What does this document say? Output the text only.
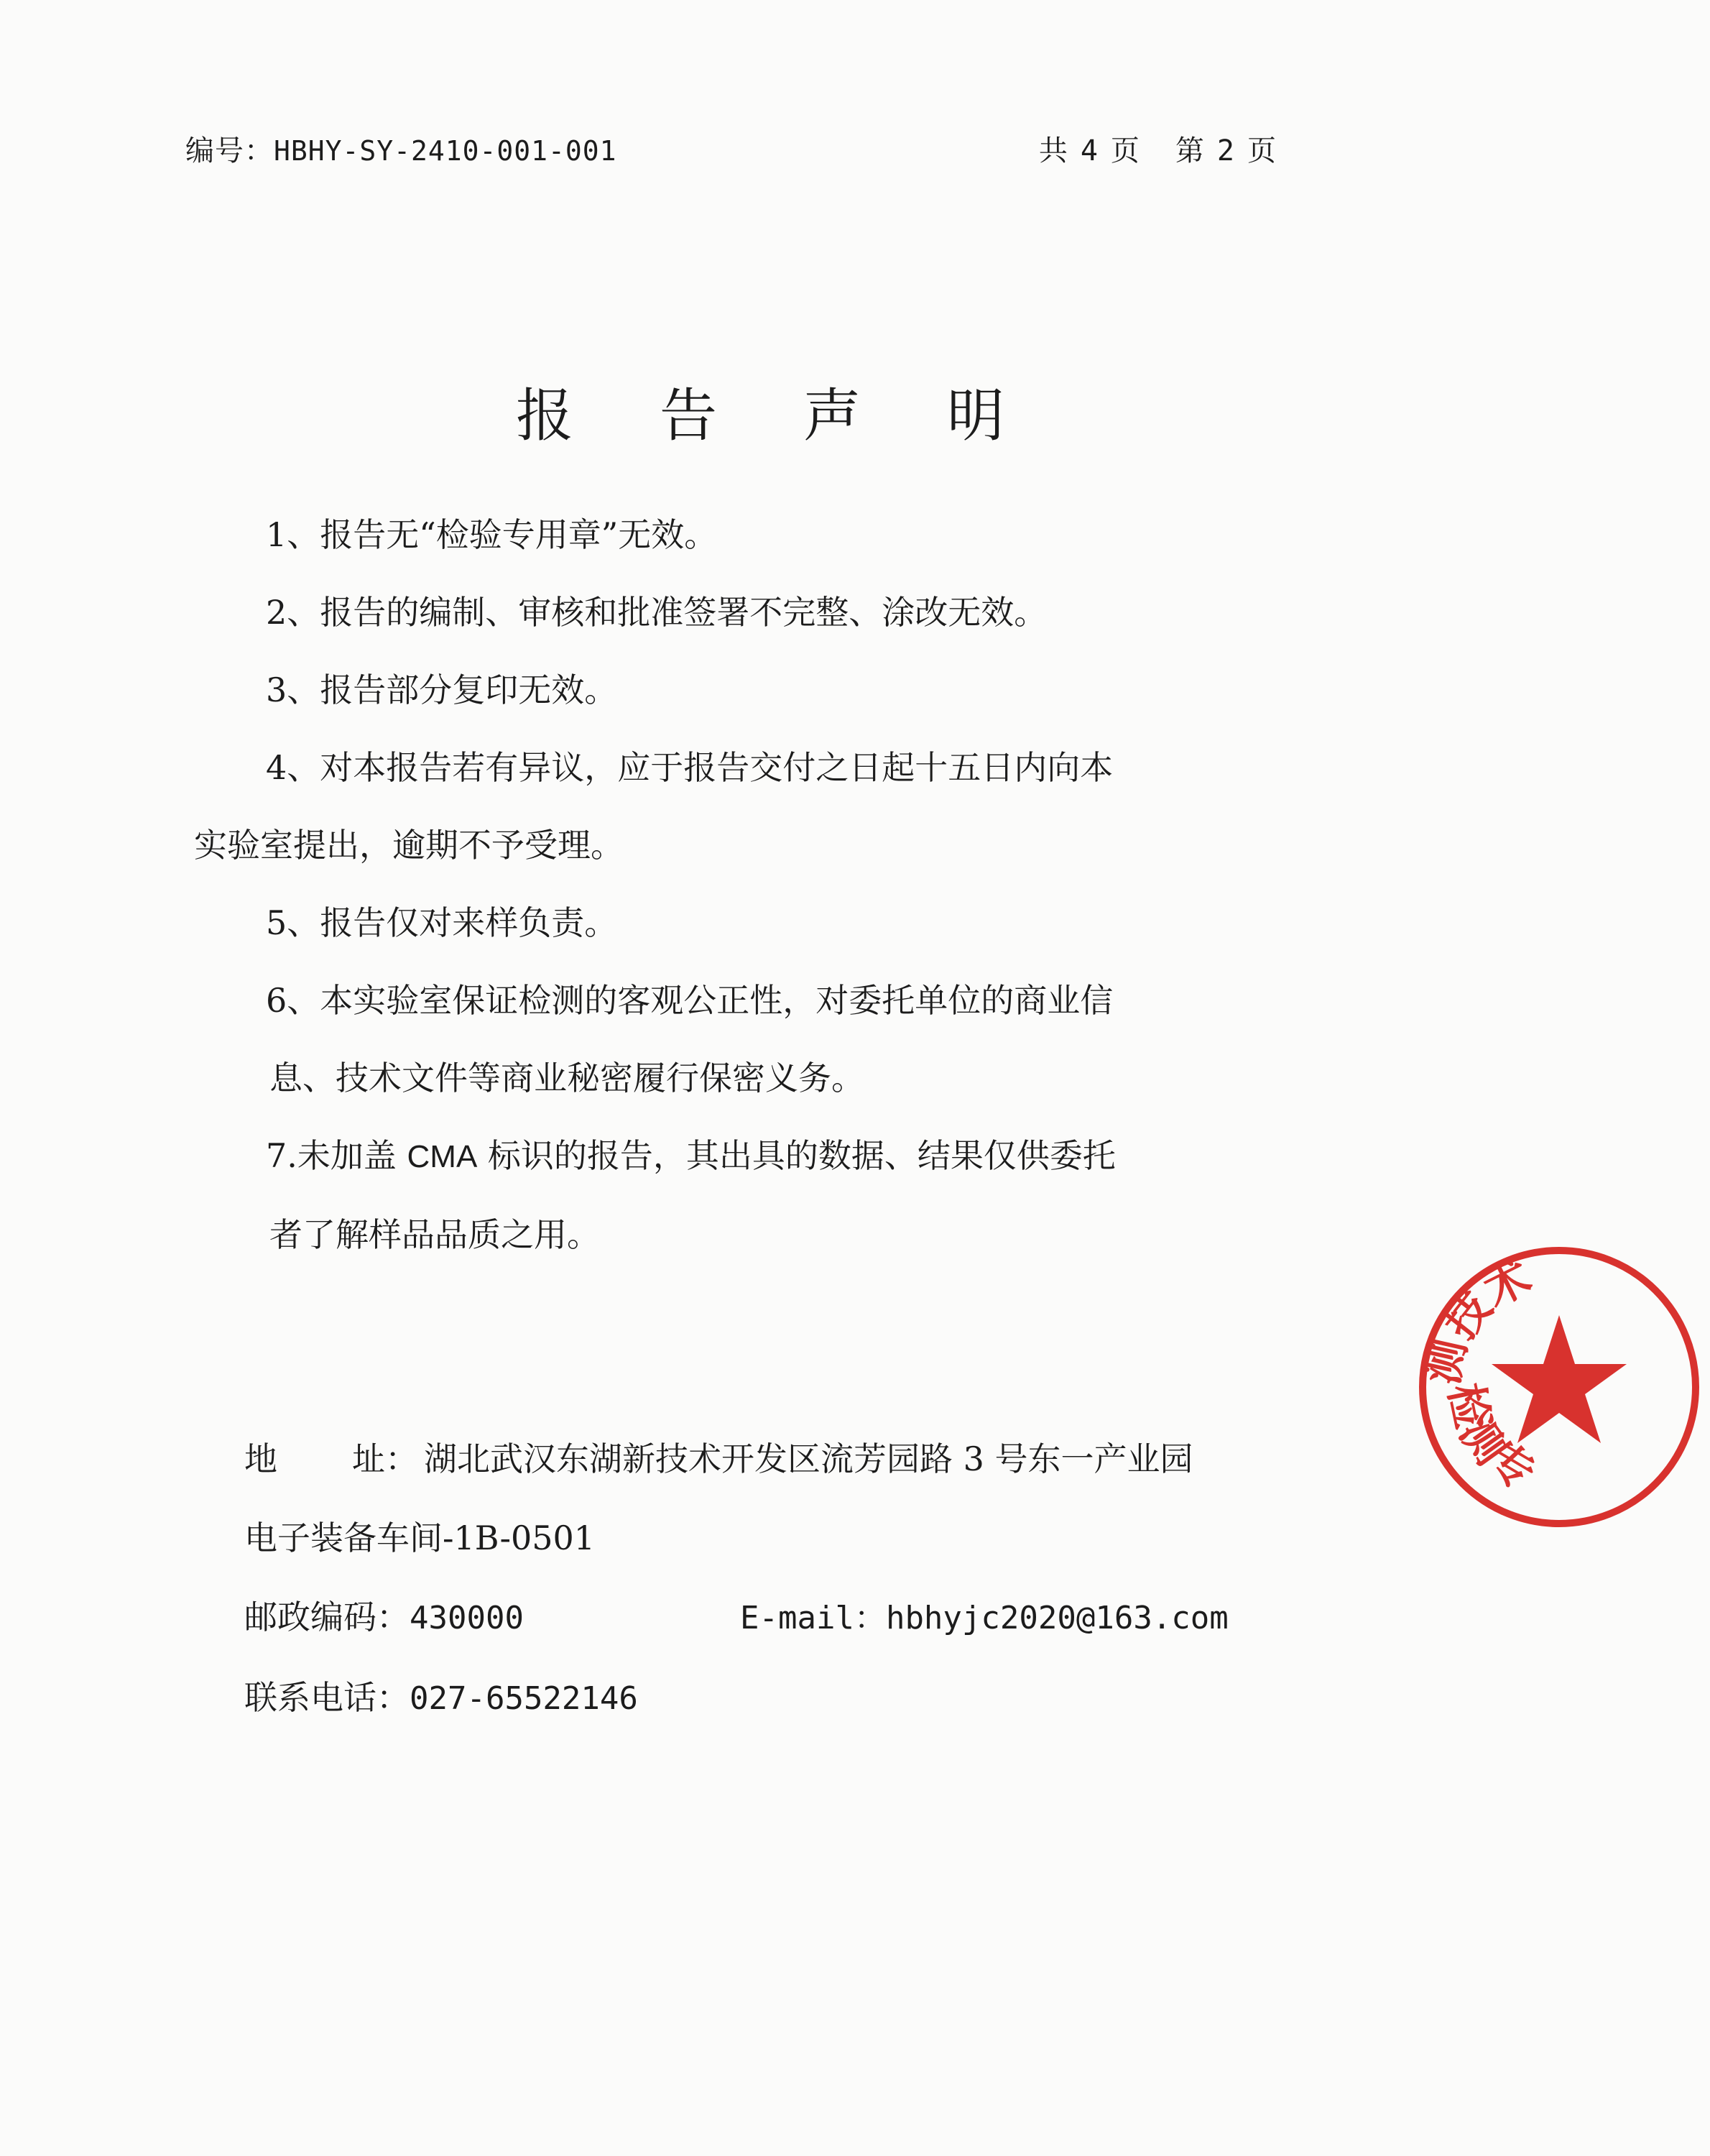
编号：HBHY-SY-2410-001-001	共 4 页 第 2 页
报 告 声 明
1、报告无“检验专用章”无效。
2、报告的编制、审核和批准签署不完整、涂改无效。
3、报告部分复印无效。
4、对本报告若有异议，应于报告交付之日起十五日内向本
实验室提出，逾期不予受理。
5、报告仅对来样负责。
6、本实验室保证检测的客观公正性，对委托单位的商业信
息、技术文件等商业秘密履行保密义务。
7.未加盖 CMA 标识的报告，其出具的数据、结果仅供委托
者了解样品品质之用。
地 址： 湖北武汉东湖新技术开发区流芳园路 3 号东一产业园
电子装备车间-1B-0501
邮政编码：430000	E-mail：hbhyjc2020@163.com
联系电话：027-65522146
测技术
检测专
